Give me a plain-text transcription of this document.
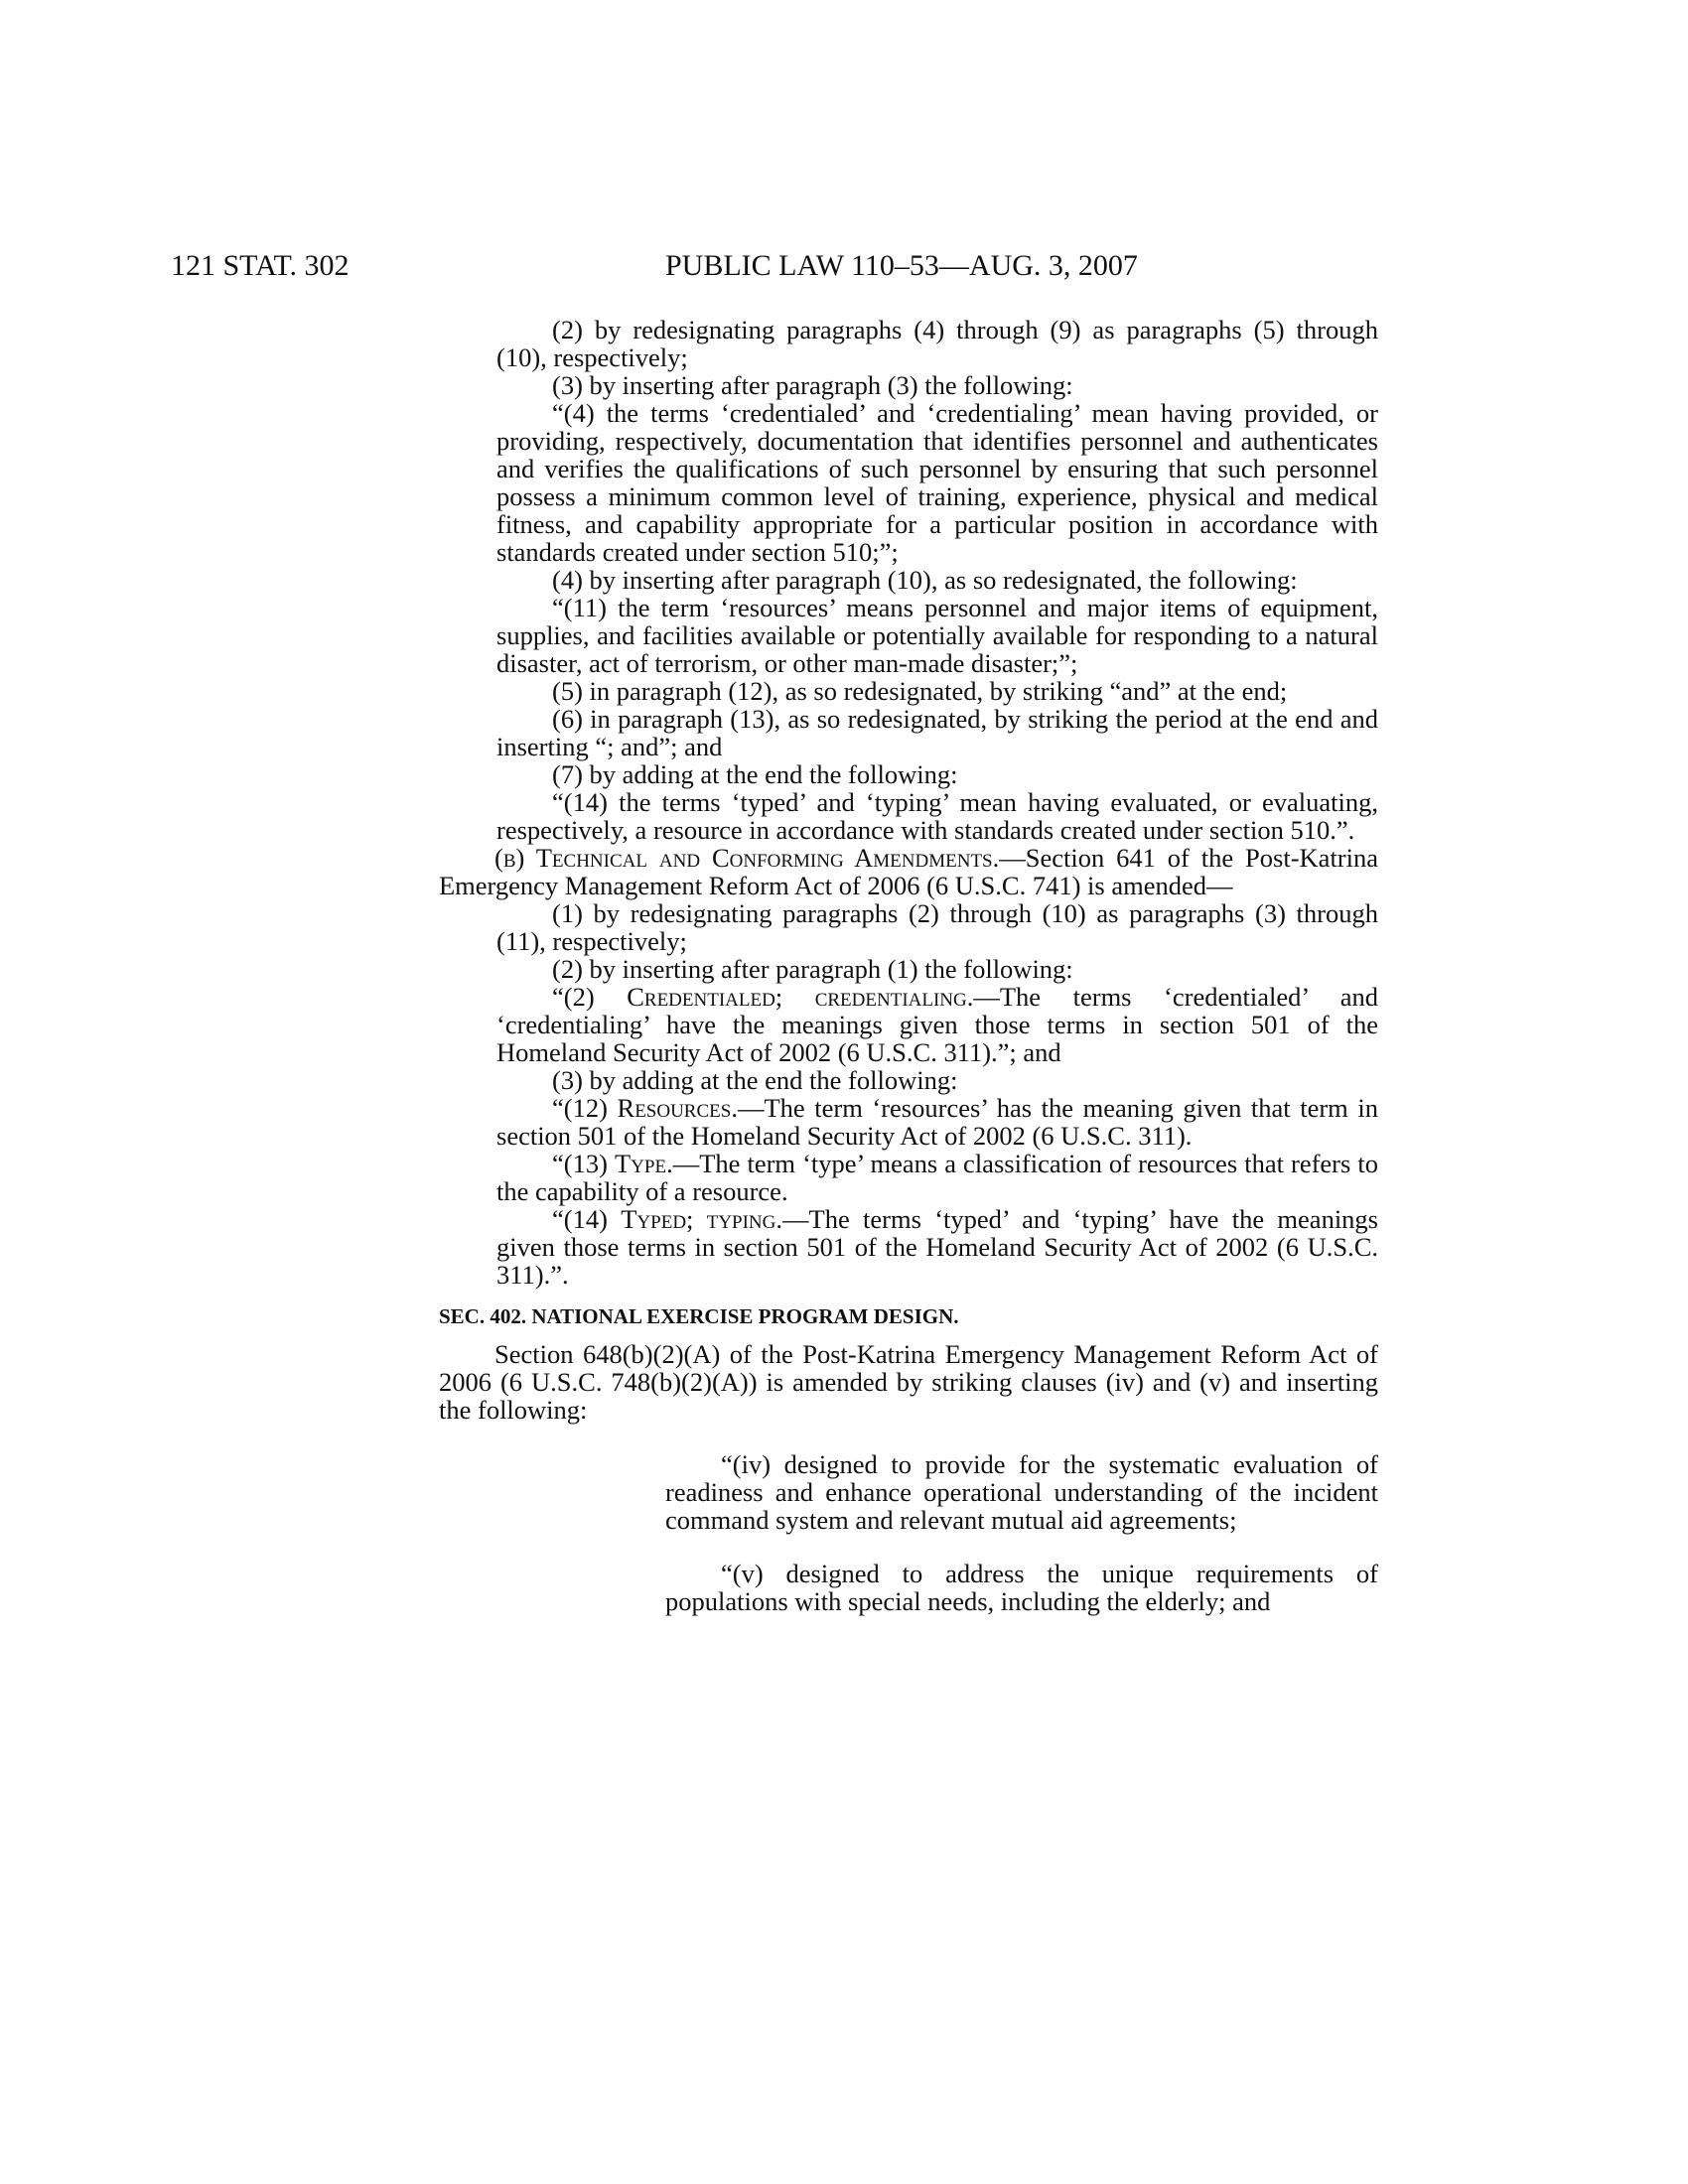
121 STAT. 302	PUBLIC LAW 110–53—AUG. 3, 2007

(2) by redesignating paragraphs (4) through (9) as paragraphs (5) through (10), respectively;

(3) by inserting after paragraph (3) the following:

“(4) the terms ‘credentialed’ and ‘credentialing’ mean having provided, or providing, respectively, documentation that identifies personnel and authenticates and verifies the qualifications of such personnel by ensuring that such personnel possess a minimum common level of training, experience, physical and medical fitness, and capability appropriate for a particular position in accordance with standards created under section 510;”;

(4) by inserting after paragraph (10), as so redesignated, the following:

“(11) the term ‘resources’ means personnel and major items of equipment, supplies, and facilities available or potentially available for responding to a natural disaster, act of terrorism, or other man-made disaster;”;

(5) in paragraph (12), as so redesignated, by striking “and” at the end;

(6) in paragraph (13), as so redesignated, by striking the period at the end and inserting “; and”; and

(7) by adding at the end the following:

“(14) the terms ‘typed’ and ‘typing’ mean having evaluated, or evaluating, respectively, a resource in accordance with standards created under section 510.”.

(b) Technical and Conforming Amendments.—Section 641 of the Post-Katrina Emergency Management Reform Act of 2006 (6 U.S.C. 741) is amended—

(1) by redesignating paragraphs (2) through (10) as paragraphs (3) through (11), respectively;

(2) by inserting after paragraph (1) the following:

“(2) Credentialed; credentialing.—The terms ‘credentialed’ and ‘credentialing’ have the meanings given those terms in section 501 of the Homeland Security Act of 2002 (6 U.S.C. 311).”; and

(3) by adding at the end the following:

“(12) Resources.—The term ‘resources’ has the meaning given that term in section 501 of the Homeland Security Act of 2002 (6 U.S.C. 311).

“(13) Type.—The term ‘type’ means a classification of resources that refers to the capability of a resource.

“(14) Typed; typing.—The terms ‘typed’ and ‘typing’ have the meanings given those terms in section 501 of the Homeland Security Act of 2002 (6 U.S.C. 311).”.

SEC. 402. NATIONAL EXERCISE PROGRAM DESIGN.

Section 648(b)(2)(A) of the Post-Katrina Emergency Management Reform Act of 2006 (6 U.S.C. 748(b)(2)(A)) is amended by striking clauses (iv) and (v) and inserting the following:

“(iv) designed to provide for the systematic evaluation of readiness and enhance operational understanding of the incident command system and relevant mutual aid agreements;

“(v) designed to address the unique requirements of populations with special needs, including the elderly; and
